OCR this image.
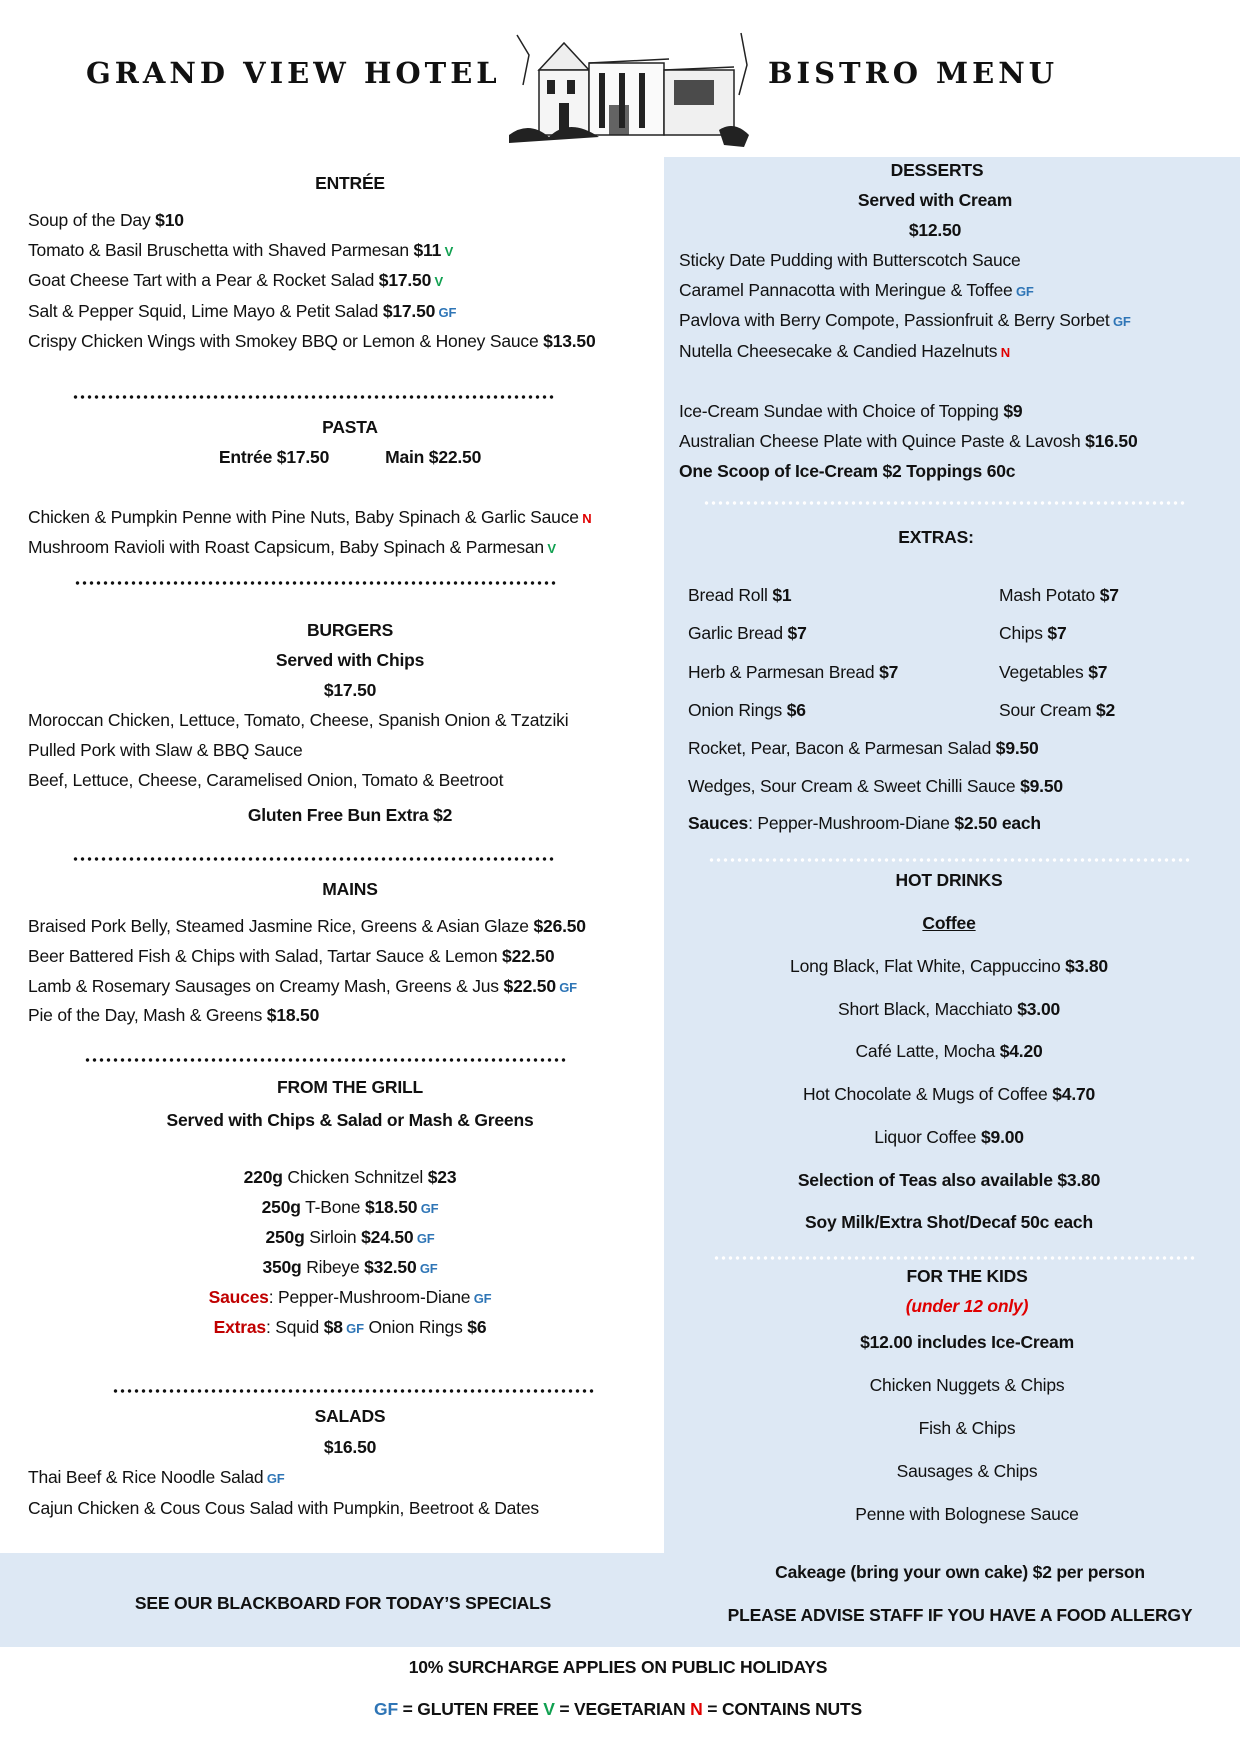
GRAND VIEW HOTEL	BISTRO MENU
ENTRÉE
Soup of the Day $10
Tomato & Basil Bruschetta with Shaved Parmesan $11 V
Goat Cheese Tart with a Pear & Rocket Salad $17.50 V
Salt & Pepper Squid, Lime Mayo & Petit Salad $17.50 GF
Crispy Chicken Wings with Smokey BBQ or Lemon & Honey Sauce $13.50
PASTA
Entrée $17.50	Main $22.50
Chicken & Pumpkin Penne with Pine Nuts, Baby Spinach & Garlic Sauce N
Mushroom Ravioli with Roast Capsicum, Baby Spinach & Parmesan V
BURGERS
Served with Chips
$17.50
Moroccan Chicken, Lettuce, Tomato, Cheese, Spanish Onion & Tzatziki
Pulled Pork with Slaw & BBQ Sauce
Beef, Lettuce, Cheese, Caramelised Onion, Tomato & Beetroot
Gluten Free Bun Extra $2
MAINS
Braised Pork Belly, Steamed Jasmine Rice, Greens & Asian Glaze $26.50
Beer Battered Fish & Chips with Salad, Tartar Sauce & Lemon $22.50
Lamb & Rosemary Sausages on Creamy Mash, Greens & Jus $22.50 GF
Pie of the Day, Mash & Greens $18.50
FROM THE GRILL
Served with Chips & Salad or Mash & Greens
220g Chicken Schnitzel $23
250g T-Bone $18.50 GF
250g Sirloin $24.50 GF
350g Ribeye $32.50 GF
Sauces: Pepper-Mushroom-Diane GF
Extras: Squid $8 GF Onion Rings $6
SALADS
$16.50
Thai Beef & Rice Noodle Salad GF
Cajun Chicken & Cous Cous Salad with Pumpkin, Beetroot & Dates
DESSERTS
Served with Cream
$12.50
Sticky Date Pudding with Butterscotch Sauce
Caramel Pannacotta with Meringue & Toffee GF
Pavlova with Berry Compote, Passionfruit & Berry Sorbet GF
Nutella Cheesecake & Candied Hazelnuts N
Ice-Cream Sundae with Choice of Topping $9
Australian Cheese Plate with Quince Paste & Lavosh $16.50
One Scoop of Ice-Cream $2 Toppings 60c
EXTRAS:
Bread Roll $1	Mash Potato $7
Garlic Bread $7	Chips $7
Herb & Parmesan Bread $7	Vegetables $7
Onion Rings $6	Sour Cream $2
Rocket, Pear, Bacon & Parmesan Salad $9.50
Wedges, Sour Cream & Sweet Chilli Sauce $9.50
Sauces: Pepper-Mushroom-Diane $2.50 each
HOT DRINKS
Coffee
Long Black, Flat White, Cappuccino $3.80
Short Black, Macchiato $3.00
Café Latte, Mocha $4.20
Hot Chocolate & Mugs of Coffee $4.70
Liquor Coffee $9.00
Selection of Teas also available $3.80
Soy Milk/Extra Shot/Decaf 50c each
FOR THE KIDS
(under 12 only)
$12.00 includes Ice-Cream
Chicken Nuggets & Chips
Fish & Chips
Sausages & Chips
Penne with Bolognese Sauce
SEE OUR BLACKBOARD FOR TODAY’S SPECIALS
Cakeage (bring your own cake) $2 per person
PLEASE ADVISE STAFF IF YOU HAVE A FOOD ALLERGY
10% SURCHARGE APPLIES ON PUBLIC HOLIDAYS
GF = GLUTEN FREE V = VEGETARIAN N = CONTAINS NUTS
